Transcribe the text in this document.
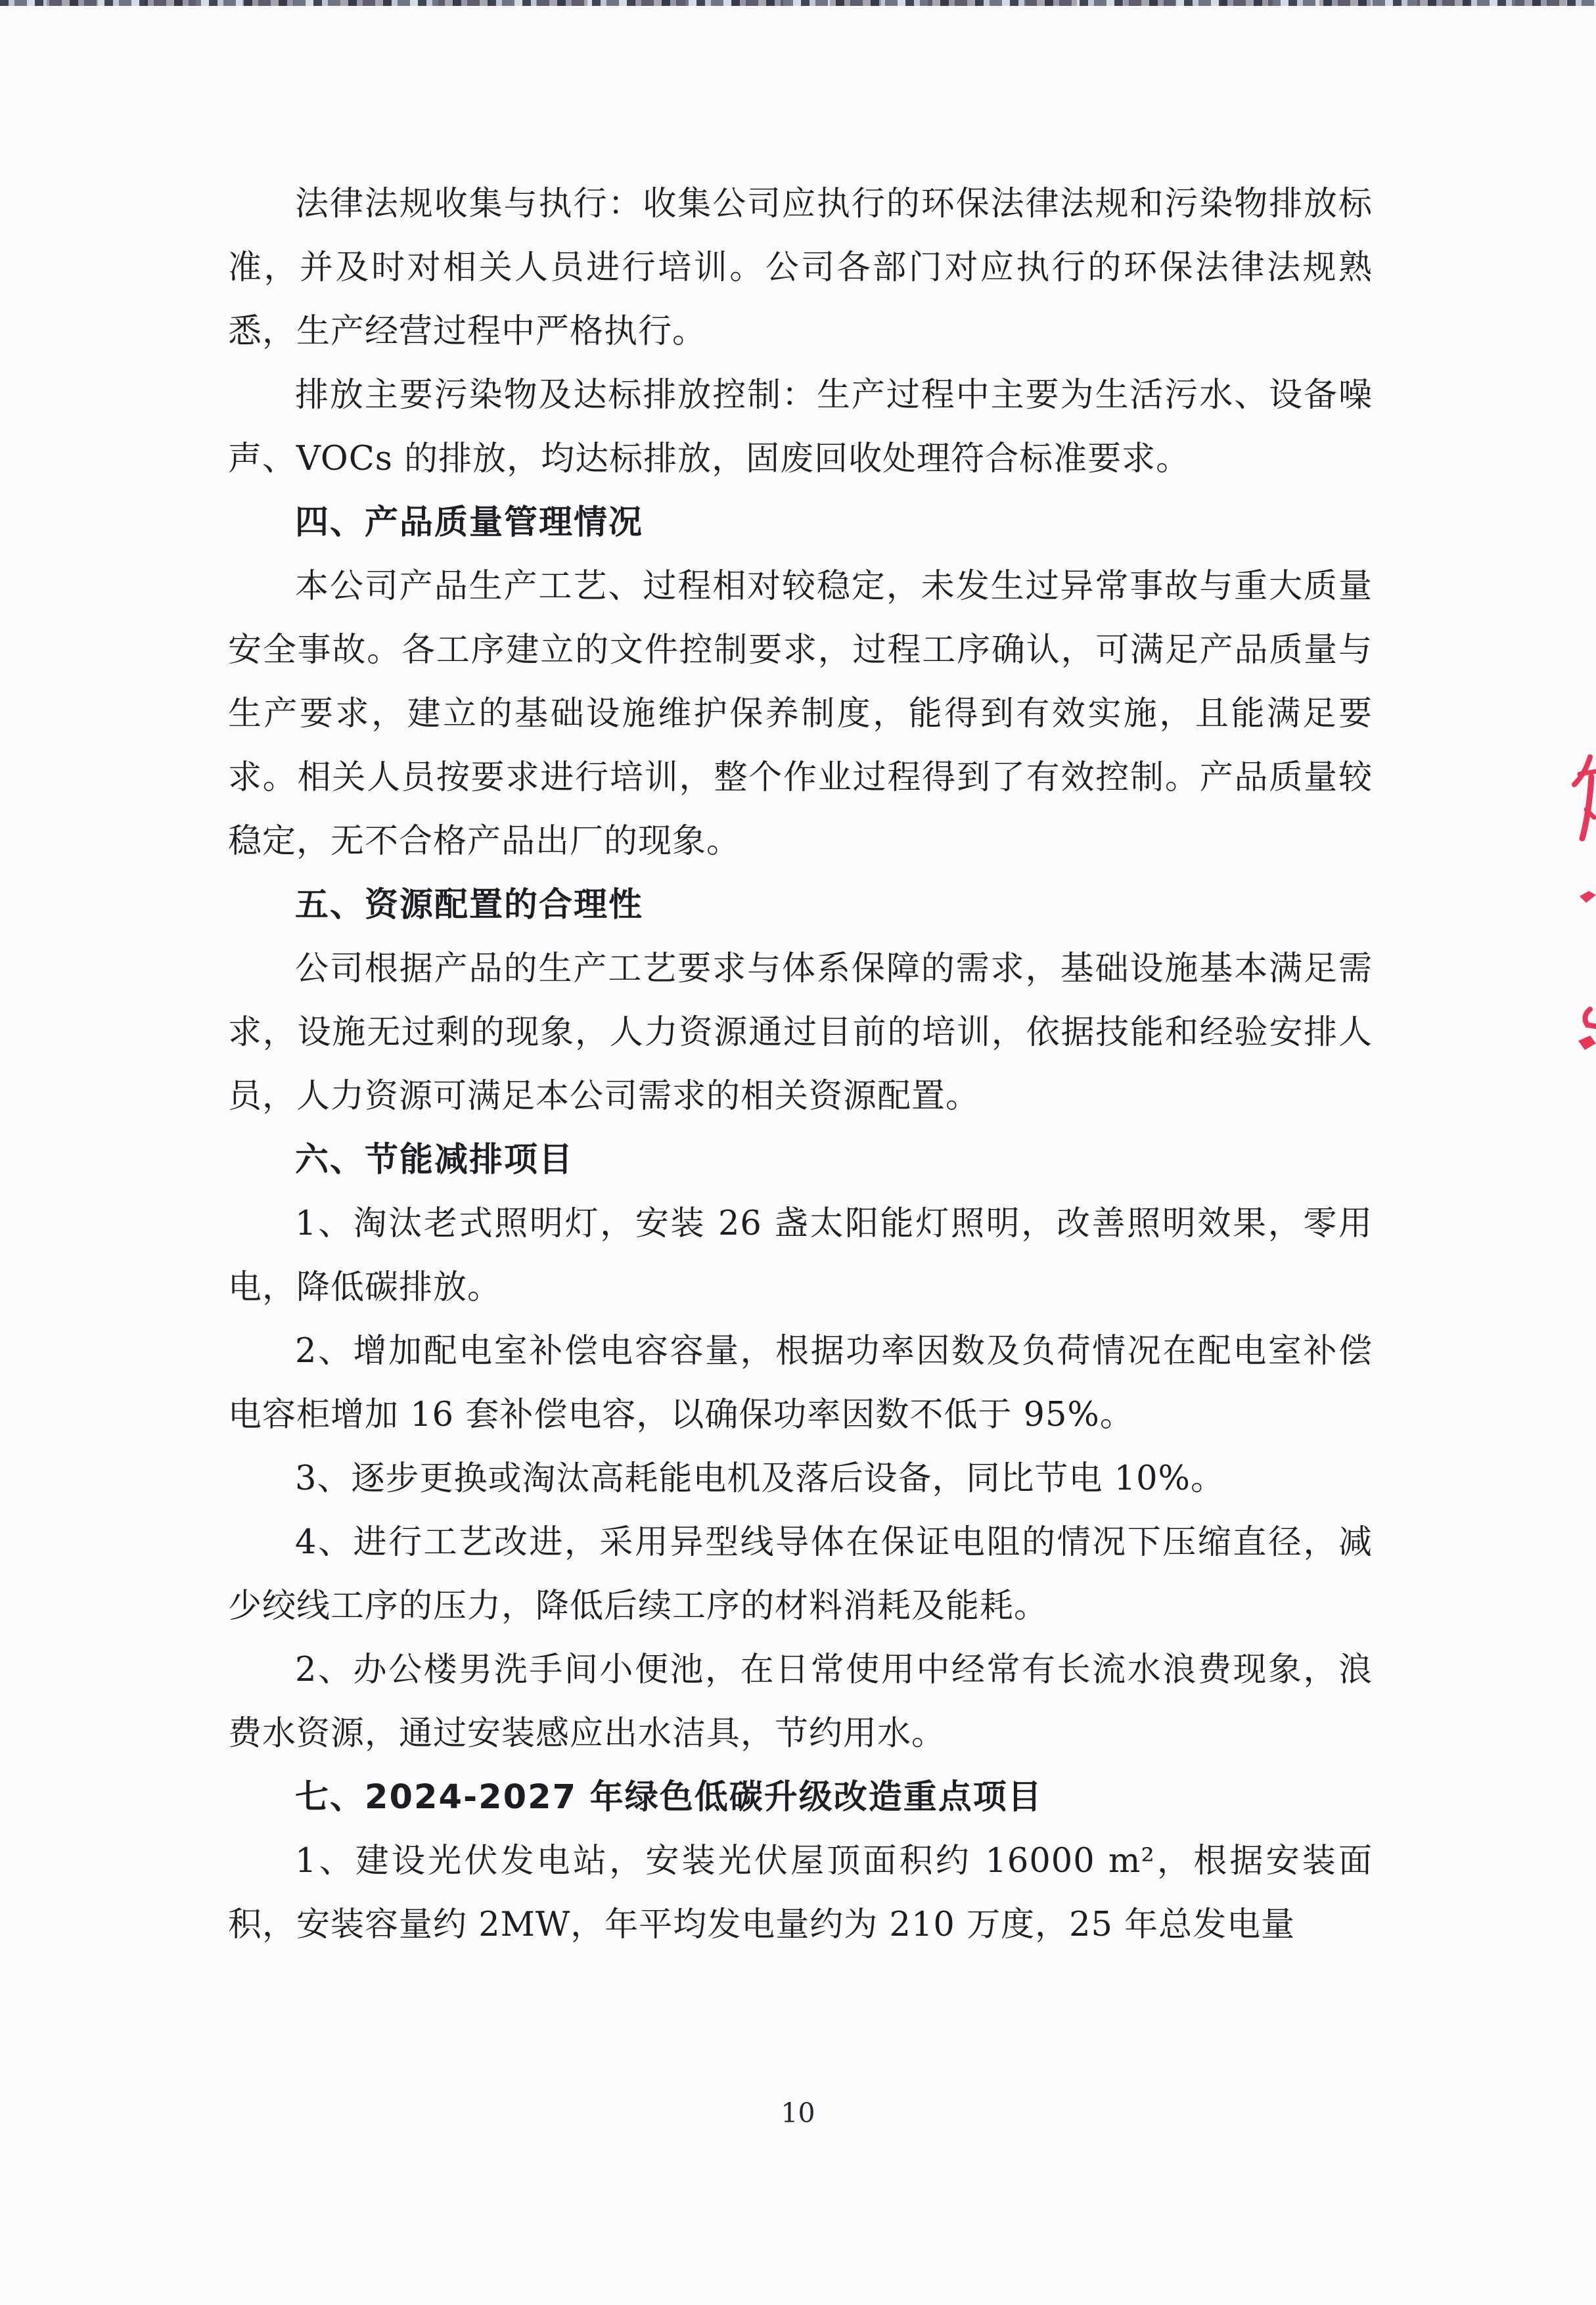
法律法规收集与执行：收集公司应执行的环保法律法规和污染物排放标准，并及时对相关人员进行培训。公司各部门对应执行的环保法律法规熟悉，生产经营过程中严格执行。

排放主要污染物及达标排放控制：生产过程中主要为生活污水、设备噪声、VOCs 的排放，均达标排放，固废回收处理符合标准要求。

四、产品质量管理情况

本公司产品生产工艺、过程相对较稳定，未发生过异常事故与重大质量安全事故。各工序建立的文件控制要求，过程工序确认，可满足产品质量与生产要求，建立的基础设施维护保养制度，能得到有效实施，且能满足要求。相关人员按要求进行培训，整个作业过程得到了有效控制。产品质量较稳定，无不合格产品出厂的现象。

五、资源配置的合理性

公司根据产品的生产工艺要求与体系保障的需求，基础设施基本满足需求，设施无过剩的现象，人力资源通过目前的培训，依据技能和经验安排人员，人力资源可满足本公司需求的相关资源配置。

六、节能减排项目

1、淘汰老式照明灯，安装 26 盏太阳能灯照明，改善照明效果，零用电，降低碳排放。

2、增加配电室补偿电容容量，根据功率因数及负荷情况在配电室补偿电容柜增加 16 套补偿电容，以确保功率因数不低于 95%。

3、逐步更换或淘汰高耗能电机及落后设备，同比节电 10%。

4、进行工艺改进，采用异型线导体在保证电阻的情况下压缩直径，减少绞线工序的压力，降低后续工序的材料消耗及能耗。

2、办公楼男洗手间小便池，在日常使用中经常有长流水浪费现象，浪费水资源，通过安装感应出水洁具，节约用水。

七、2024-2027 年绿色低碳升级改造重点项目

1、建设光伏发电站，安装光伏屋顶面积约 16000 m²，根据安装面积，安装容量约 2MW，年平均发电量约为 210 万度，25 年总发电量

10
